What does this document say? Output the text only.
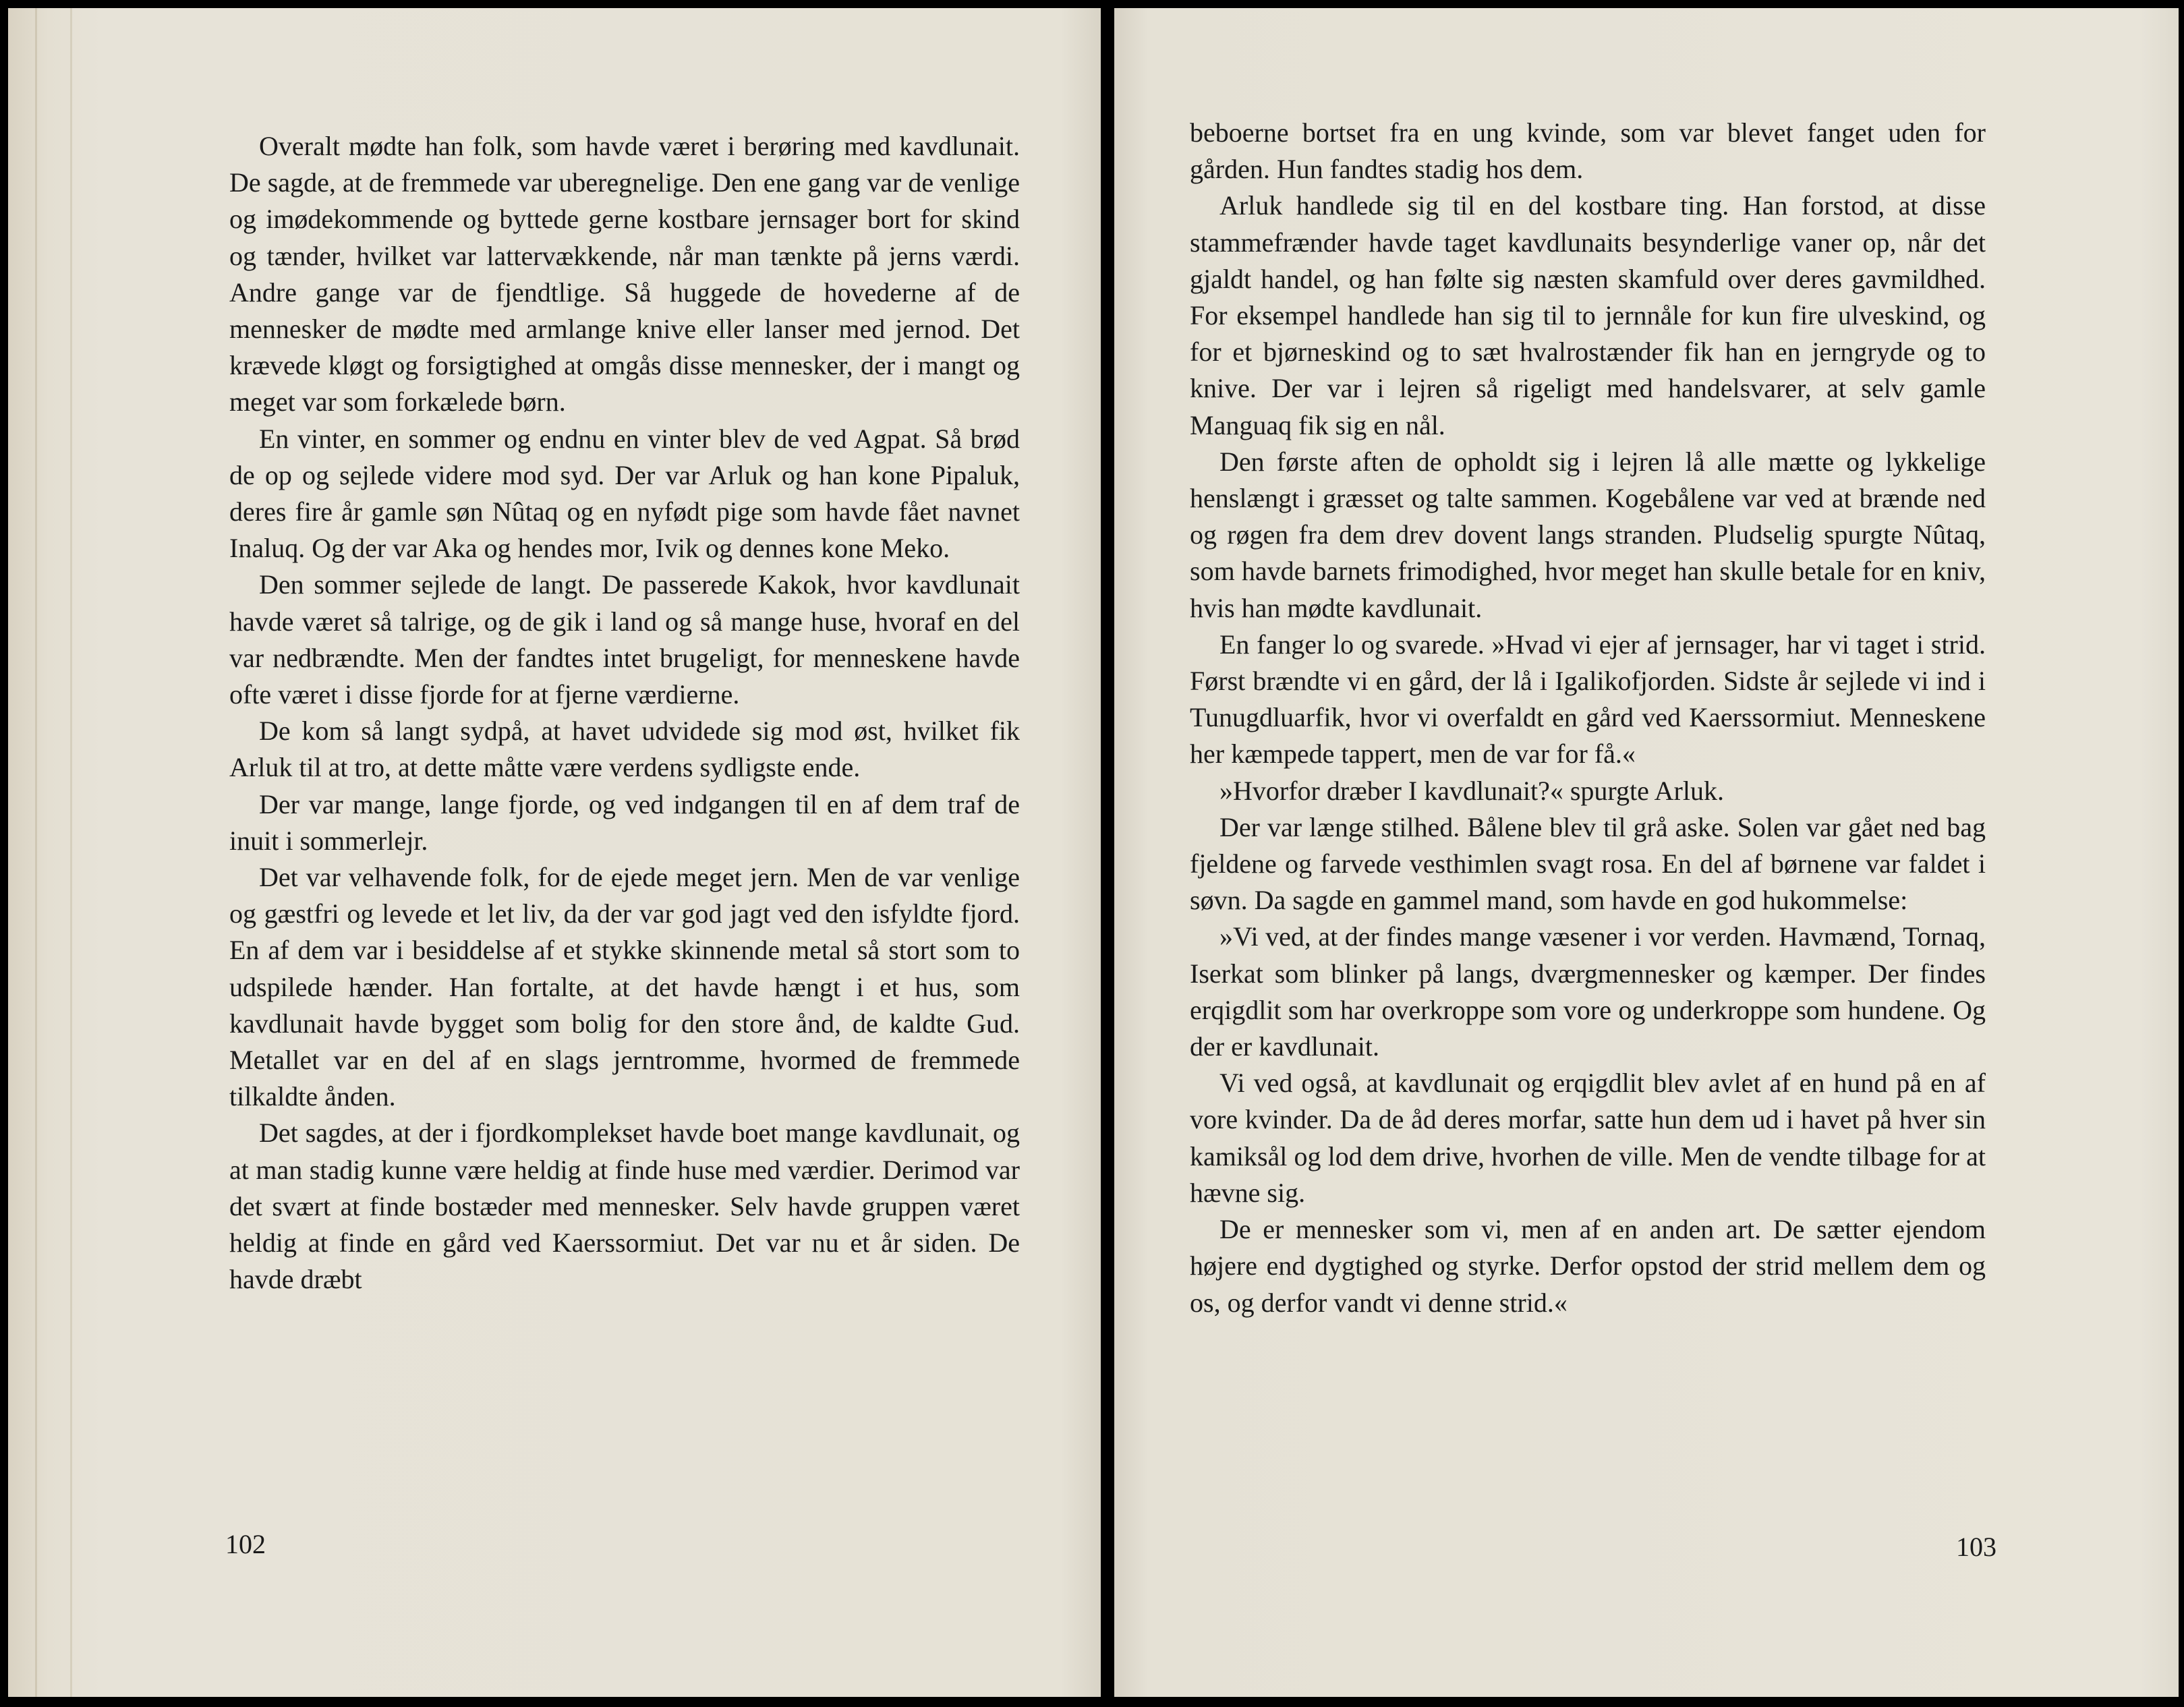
Overalt mødte han folk, som havde været i berøring med kavdlunait. De sagde, at de fremmede var uberegnelige. Den ene gang var de venlige og imødekommende og byttede gerne kostbare jernsager bort for skind og tænder, hvilket var lattervækkende, når man tænkte på jerns værdi. Andre gange var de fjendtlige. Så huggede de hovederne af de mennesker de mødte med armlange knive eller lanser med jernod. Det krævede kløgt og forsigtighed at omgås disse mennesker, der i mangt og meget var som forkælede børn.

En vinter, en sommer og endnu en vinter blev de ved Agpat. Så brød de op og sejlede videre mod syd. Der var Arluk og han kone Pipaluk, deres fire år gamle søn Nûtaq og en nyfødt pige som havde fået navnet Inaluq. Og der var Aka og hendes mor, Ivik og dennes kone Meko.

Den sommer sejlede de langt. De passerede Kakok, hvor kavdlunait havde været så talrige, og de gik i land og så mange huse, hvoraf en del var nedbrændte. Men der fandtes intet brugeligt, for menneskene havde ofte været i disse fjorde for at fjerne værdierne.

De kom så langt sydpå, at havet udvidede sig mod øst, hvilket fik Arluk til at tro, at dette måtte være verdens sydligste ende.

Der var mange, lange fjorde, og ved indgangen til en af dem traf de inuit i sommerlejr.

Det var velhavende folk, for de ejede meget jern. Men de var venlige og gæstfri og levede et let liv, da der var god jagt ved den isfyldte fjord. En af dem var i besiddelse af et stykke skinnende metal så stort som to udspilede hænder. Han fortalte, at det havde hængt i et hus, som kavdlunait havde bygget som bolig for den store ånd, de kaldte Gud. Metallet var en del af en slags jerntromme, hvormed de fremmede tilkaldte ånden.

Det sagdes, at der i fjordkomplekset havde boet mange kavdlunait, og at man stadig kunne være heldig at finde huse med værdier. Derimod var det svært at finde bostæder med mennesker. Selv havde gruppen været heldig at finde en gård ved Kaerssormiut. Det var nu et år siden. De havde dræbt

102

beboerne bortset fra en ung kvinde, som var blevet fanget uden for gården. Hun fandtes stadig hos dem.

Arluk handlede sig til en del kostbare ting. Han forstod, at disse stammefrænder havde taget kavdlunaits besynderlige vaner op, når det gjaldt handel, og han følte sig næsten skamfuld over deres gavmildhed. For eksempel handlede han sig til to jernnåle for kun fire ulveskind, og for et bjørneskind og to sæt hvalrostænder fik han en jerngryde og to knive. Der var i lejren så rigeligt med handelsvarer, at selv gamle Manguaq fik sig en nål.

Den første aften de opholdt sig i lejren lå alle mætte og lykkelige henslængt i græsset og talte sammen. Kogebålene var ved at brænde ned og røgen fra dem drev dovent langs stranden. Pludselig spurgte Nûtaq, som havde barnets frimodighed, hvor meget han skulle betale for en kniv, hvis han mødte kavdlunait.

En fanger lo og svarede. »Hvad vi ejer af jernsager, har vi taget i strid. Først brændte vi en gård, der lå i Igalikofjorden. Sidste år sejlede vi ind i Tunugdluarfik, hvor vi overfaldt en gård ved Kaerssormiut. Menneskene her kæmpede tappert, men de var for få.«

»Hvorfor dræber I kavdlunait?« spurgte Arluk.

Der var længe stilhed. Bålene blev til grå aske. Solen var gået ned bag fjeldene og farvede vesthimlen svagt rosa. En del af børnene var faldet i søvn. Da sagde en gammel mand, som havde en god hukommelse:

»Vi ved, at der findes mange væsener i vor verden. Havmænd, Tornaq, Iserkat som blinker på langs, dværgmennesker og kæmper. Der findes erqigdlit som har overkroppe som vore og underkroppe som hundene. Og der er kavdlunait.

Vi ved også, at kavdlunait og erqigdlit blev avlet af en hund på en af vore kvinder. Da de åd deres morfar, satte hun dem ud i havet på hver sin kamiksål og lod dem drive, hvorhen de ville. Men de vendte tilbage for at hævne sig.

De er mennesker som vi, men af en anden art. De sætter ejendom højere end dygtighed og styrke. Derfor opstod der strid mellem dem og os, og derfor vandt vi denne strid.«

103
